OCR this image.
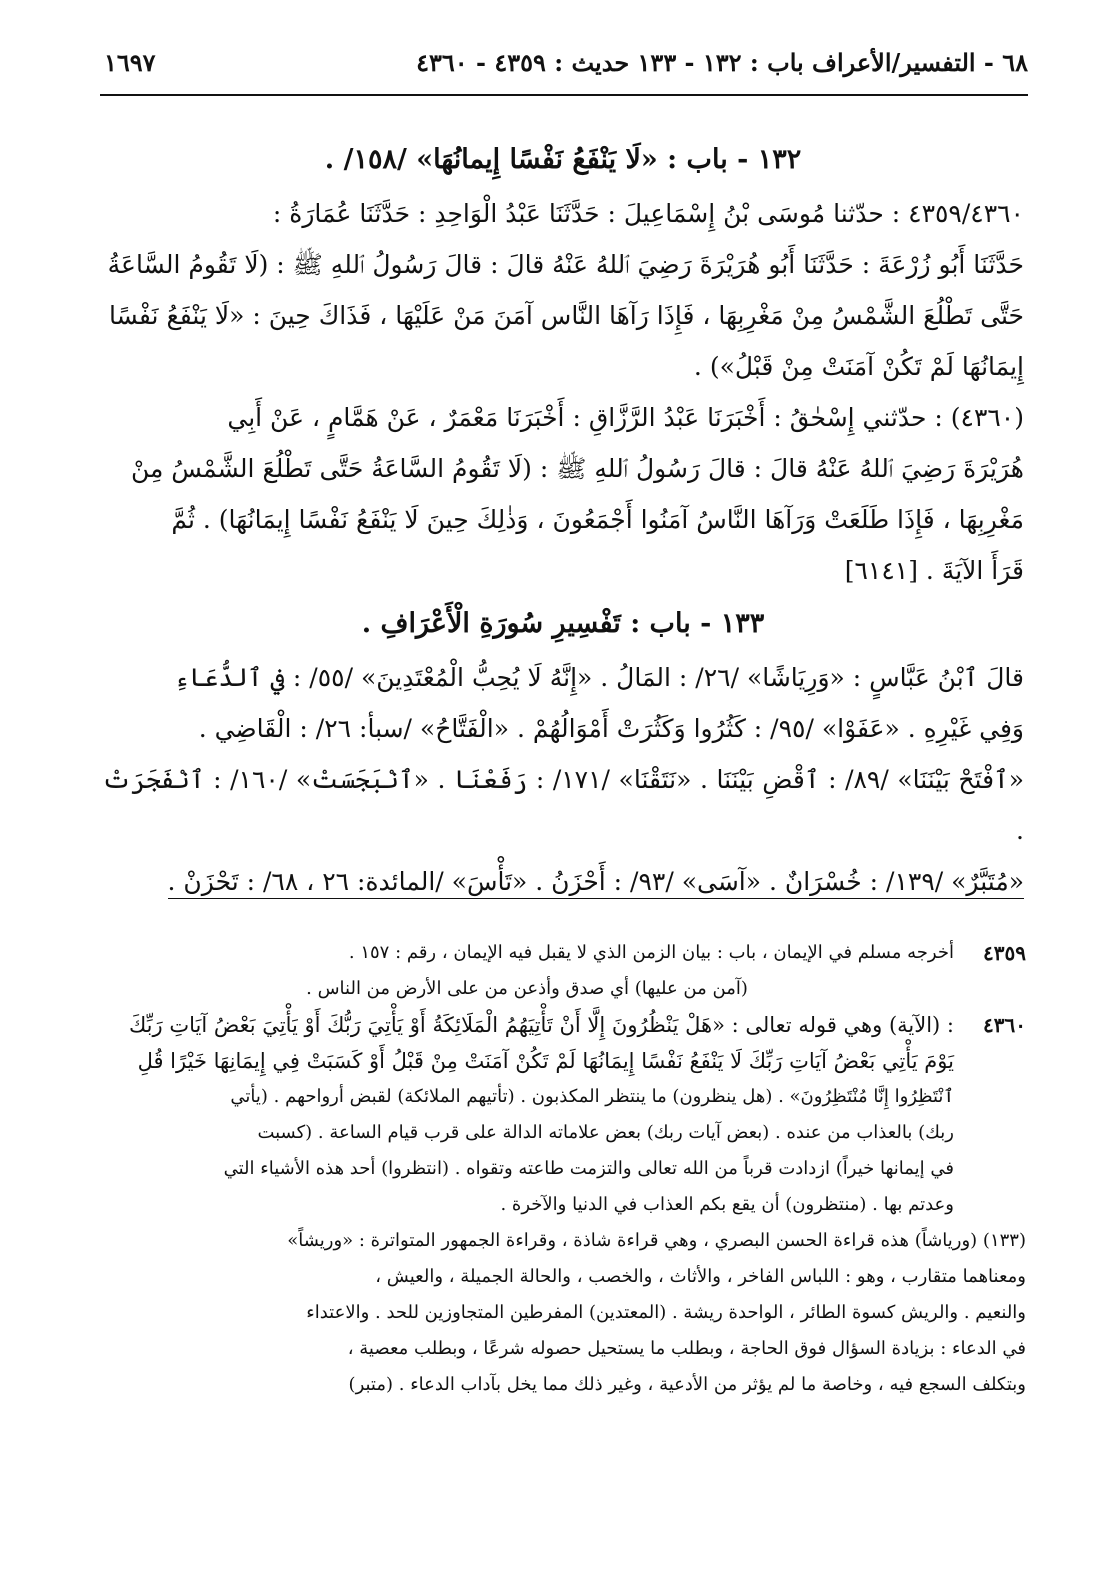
٦٨ - التفسير/الأعراف باب : ١٣٢ - ١٣٣ حديث : ٤٣٥٩ - ٤٣٦٠
١٦٩٧

١٣٢ - باب : «لَا يَنْفَعُ نَفْسًا إِيمانُهَا» /١٥٨/ .

٤٣٥٩/٤٣٦٠ : حدّثنا مُوسَى بْنُ إِسْمَاعِيلَ : حَدَّثَنَا عَبْدُ الْوَاحِدِ : حَدَّثَنَا عُمَارَةُ :

حَدَّثَنَا أَبُو زُرْعَةَ : حَدَّثَنَا أَبُو هُرَيْرَةَ رَضِيَ ٱللهُ عَنْهُ قالَ : قالَ رَسُولُ ٱللهِ ﷺ : (لَا تَقُومُ السَّاعَةُ

حَتَّى تَطْلُعَ الشَّمْسُ مِنْ مَغْرِبِهَا ، فَإِذَا رَآهَا النَّاس آمَنَ مَنْ عَلَيْهَا ، فَذَاكَ حِينَ : «لَا يَنْفَعُ نَفْسًا

إِيمَانُهَا لَمْ تَكُنْ آمَنَتْ مِنْ قَبْلُ») .

(٤٣٦٠) : حدّثني إِسْحٰقُ : أَخْبَرَنَا عَبْدُ الرَّزَّاقِ : أَخْبَرَنَا مَعْمَرٌ ، عَنْ هَمَّامٍ ، عَنْ أَبِي

هُرَيْرَةَ رَضِيَ ٱللهُ عَنْهُ قالَ : قالَ رَسُولُ ٱللهِ ﷺ : (لَا تَقُومُ السَّاعَةُ حَتَّى تَطْلُعَ الشَّمْسُ مِنْ

مَغْرِبِهَا ، فَإِذَا طَلَعَتْ وَرَآهَا النَّاسُ آمَنُوا أَجْمَعُونَ ، وَذٰلِكَ حِينَ لَا يَنْفَعُ نَفْسًا إِيمَانُهَا) . ثُمَّ

قَرَأَ الآيَةَ . [٦١٤١]

١٣٣ - باب : تَفْسِيرِ سُورَةِ الْأَعْرَافِ .

قالَ ٱبْنُ عَبَّاسٍ : «وَرِيَاشًا» /٢٦/ : المَالُ . «إِنَّهُ لَا يُحِبُّ الْمُعْتَدِينَ» /٥٥/ : في ٱلدُّعَاءِ

وَفِي غَيْرِهِ . «عَفَوْا» /٩٥/ : كَثُرُوا وَكَثُرَتْ أَمْوَالُهُمْ . «الْفَتَّاحُ» /سبأ: ٢٦/ : الْقَاضِي .

«ٱفْتَحْ بَيْنَنَا» /٨٩/ : ٱقْضِ بَيْنَنَا . «نَتَقْنَا» /١٧١/ : رَفَعْنَا . «ٱنْبَجَسَتْ» /١٦٠/ : ٱنْفَجَرَتْ .

«مُتَبَّرٌ» /١٣٩/ : خُسْرَانٌ . «آسَى» /٩٣/ : أَحْزَنُ . «تَأْسَ» /المائدة: ٢٦ ، ٦٨/ : تَحْزَنْ .

٤٣٥٩

أخرجه مسلم في الإيمان ، باب : بيان الزمن الذي لا يقبل فيه الإيمان ، رقم : ١٥٧ .

(آمن من عليها) أي صدق وأذعن من على الأرض من الناس .

٤٣٦٠

: (الآية) وهي قوله تعالى : «هَلْ يَنْظُرُونَ إِلَّا أَنْ تَأْتِيَهُمُ الْمَلَائِكَةُ أَوْ يَأْتِيَ رَبُّكَ أَوْ يَأْتِيَ بَعْضُ آيَاتِ رَبِّكَ

يَوْمَ يَأْتِي بَعْضُ آيَاتِ رَبِّكَ لَا يَنْفَعُ نَفْسًا إِيمَانُهَا لَمْ تَكُنْ آمَنَتْ مِنْ قَبْلُ أَوْ كَسَبَتْ فِي إِيمَانِهَا خَيْرًا قُلِ

ٱنْتَظِرُوا إِنَّا مُنْتَظِرُونَ» . (هل ينظرون) ما ينتظر المكذبون . (تأتيهم الملائكة) لقبض أرواحهم . (يأتي

ربك) بالعذاب من عنده . (بعض آيات ربك) بعض علاماته الدالة على قرب قيام الساعة . (كسبت

في إيمانها خيراً) ازدادت قرباً من الله تعالى والتزمت طاعته وتقواه . (انتظروا) أحد هذه الأشياء التي

وعدتم بها . (منتظرون) أن يقع بكم العذاب في الدنيا والآخرة .

(١٣٣) (ورياشاً) هذه قراءة الحسن البصري ، وهي قراءة شاذة ، وقراءة الجمهور المتواترة : «وريشاً»

ومعناهما متقارب ، وهو : اللباس الفاخر ، والأثاث ، والخصب ، والحالة الجميلة ، والعيش ،

والنعيم . والريش كسوة الطائر ، الواحدة ريشة . (المعتدين) المفرطين المتجاوزين للحد . والاعتداء

في الدعاء : بزيادة السؤال فوق الحاجة ، وبطلب ما يستحيل حصوله شرعًا ، وبطلب معصية ،

وبتكلف السجع فيه ، وخاصة ما لم يؤثر من الأدعية ، وغير ذلك مما يخل بآداب الدعاء . (متبر)
